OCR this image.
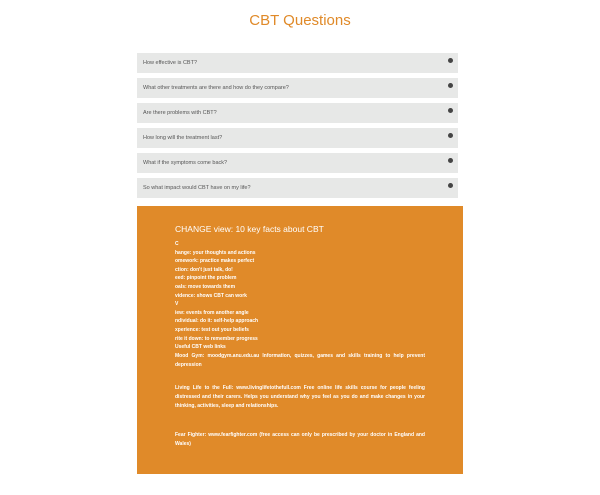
CBT Questions
How effective is CBT?
What other treatments are there and how do they compare?
Are there problems with CBT?
How long will the treatment last?
What if the symptoms come back?
So what impact would CBT have on my life?
CHANGE view: 10 key facts about CBT
C
hange: your thoughts and actions
omework: practice makes perfect
ction: don't just talk, do!
eed: pinpoint the problem
oals: move towards them
vidence: shows CBT can work
V
iew: events from another angle
ndividual: do it: self-help approach
xperience: test out your beliefs
rite it down: to remember progress
Useful CBT web links
Mood Gym: moodgym.anu.edu.au Information, quizzes, games and skills training to help prevent depression
Living Life to the Full: www.livinglifetothefull.com Free online life skills course for people feeling distressed and their carers. Helps you understand why you feel as you do and make changes in your thinking, activities, sleep and relationships.
Fear Fighter: www.fearfighter.com (free access can only be prescribed by your doctor in England and Wales)
